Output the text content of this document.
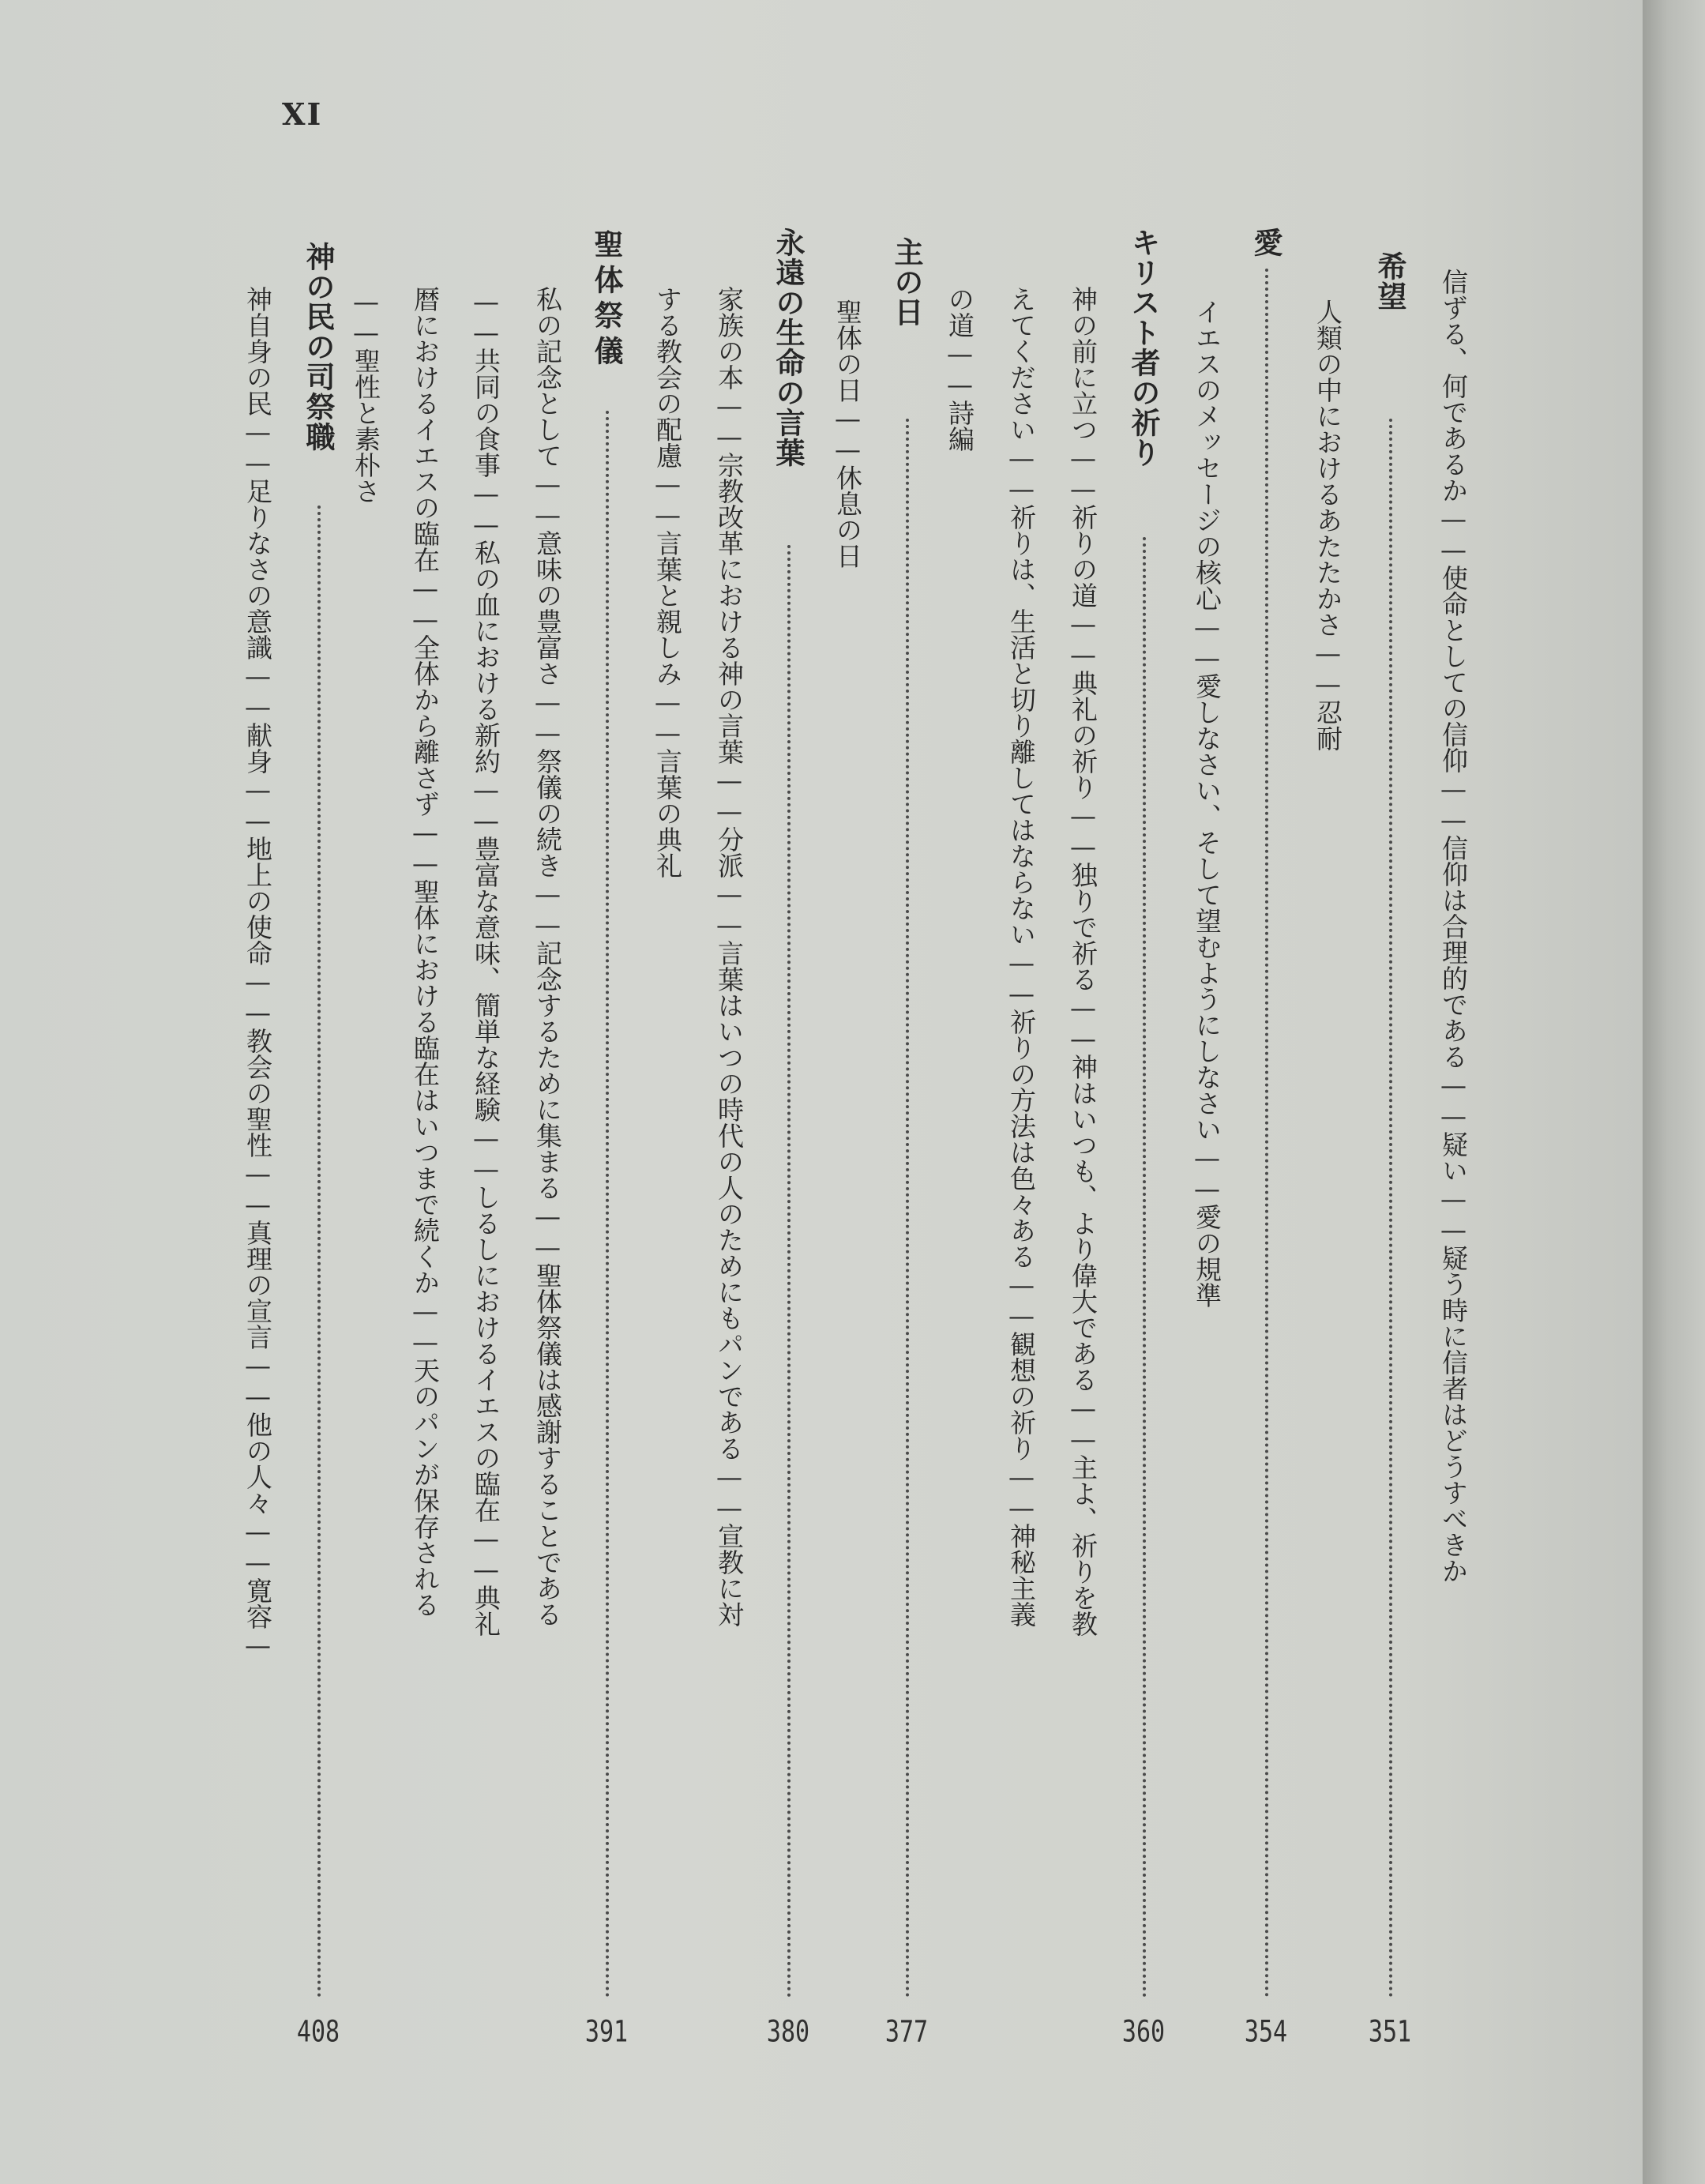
XI
信ずる、何であるか——使命としての信仰——信仰は合理的である——疑い——疑う時に信者はどうすべきか
希望
351
人類の中におけるあたたかさ——忍耐
愛
354
イエスのメッセージの核心——愛しなさい、そして望むようにしなさい——愛の規準
キリスト者の祈り
360
神の前に立つ——祈りの道——典礼の祈り——独りで祈る——神はいつも、より偉大である——主よ、祈りを教
えてください——祈りは、生活と切り離してはならない——祈りの方法は色々ある——観想の祈り——神秘主義
の道——詩編
主の日
377
聖体の日——休息の日
永遠の生命の言葉
380
家族の本——宗教改革における神の言葉——分派——言葉はいつの時代の人のためにもパンである——宣教に対
する教会の配慮——言葉と親しみ——言葉の典礼
聖体祭儀
391
私の記念として——意味の豊富さ——祭儀の続き——記念するために集まる——聖体祭儀は感謝することである
——共同の食事——私の血における新約——豊富な意味、簡単な経験——しるしにおけるイエスの臨在——典礼
暦におけるイエスの臨在——全体から離さず——聖体における臨在はいつまで続くか——天のパンが保存される
——聖性と素朴さ
神の民の司祭職
408
神自身の民——足りなさの意識——献身——地上の使命——教会の聖性——真理の宣言——他の人々——寛容—
